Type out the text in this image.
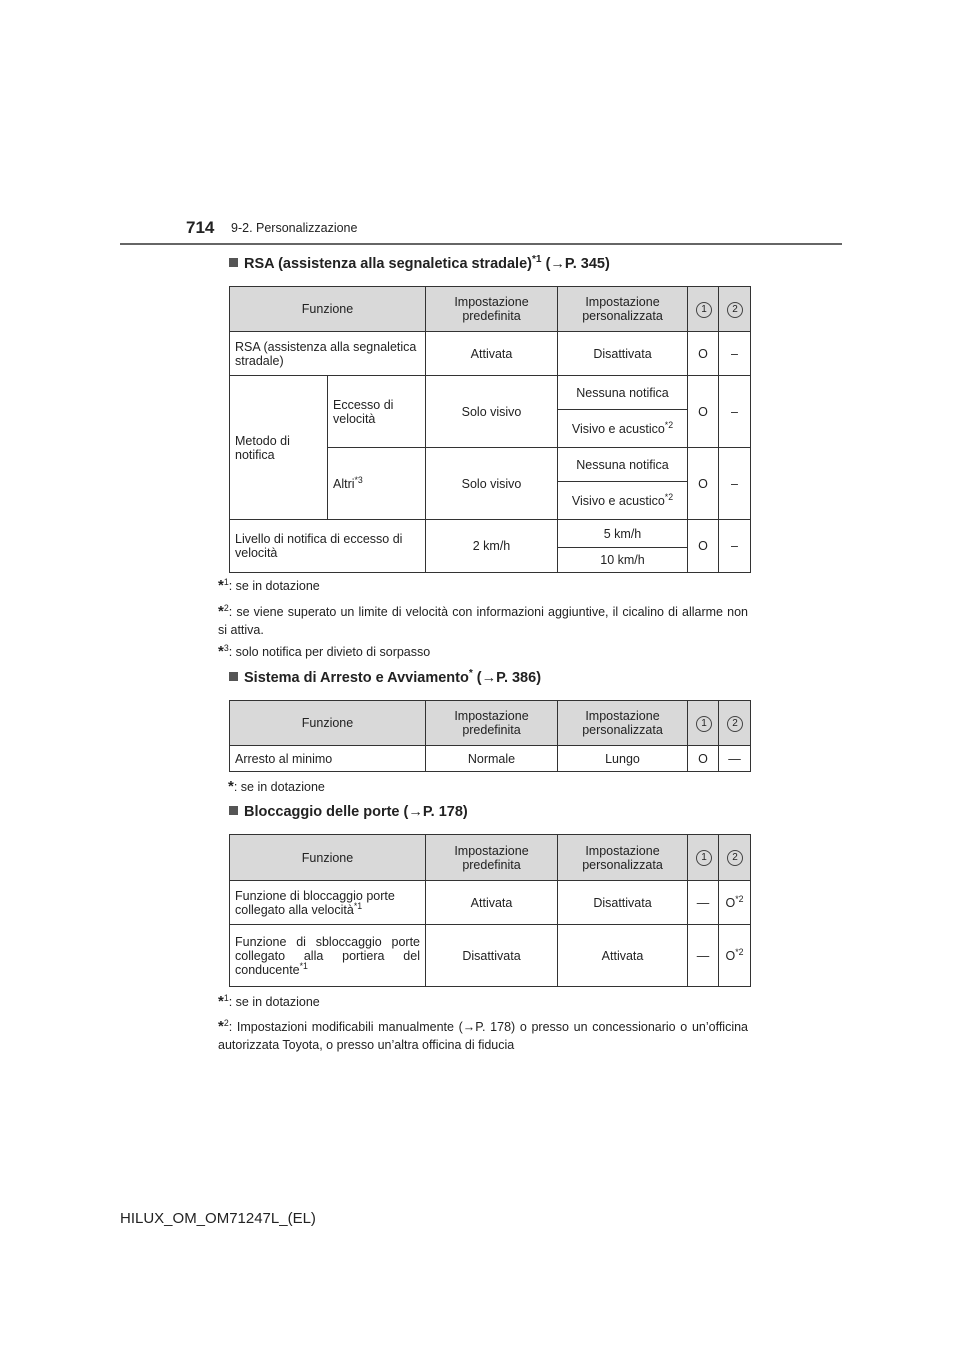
714 9-2. Personalizzazione
RSA (assistenza alla segnaletica stradale)$^{*1}$ (→P. 345)
Funzione		Impostazione predefinita	Impostazione personalizzata	1	2
RSA (assistenza alla segnaletica stradale)		Attivata	Disattivata	O	–
Metodo di notifica	Eccesso di velocità	Solo visivo	Nessuna notifica	O	–
			Visivo e acustico$^{*2}$
	Altri$^{*3}$	Solo visivo	Nessuna notifica	O	–
			Visivo e acustico$^{*2}$
Livello di notifica di eccesso di velocità		2 km/h	5 km/h	O	–
			10 km/h		
*$^1$: se in dotazione
*$^2$: se viene superato un limite di velocità con informazioni aggiuntive, il cicalino di allarme non si attiva.
*$^3$: solo notifica per divieto di sorpasso
Sistema di Arresto e Avviamento* (→P. 386)
Funzione	Impostazione predefinita	Impostazione personalizzata	1	2
Arresto al minimo	Normale	Lungo	O	—
*: se in dotazione
Bloccaggio delle porte (→P. 178)
Funzione	Impostazione predefinita	Impostazione personalizzata	1	2
Funzione di bloccaggio porte collegato alla velocità$^{*1}$	Attivata	Disattivata	—	$O^{*2}$
Funzione di sbloccaggio porte collegato alla portiera del conducente$^{*1}$	Disattivata	Attivata	—	$O^{*2}$
*$^1$: se in dotazione
*$^2$: Impostazioni modificabili manualmente (→P. 178) o presso un concessionario o un’officina autorizzata Toyota, o presso un’altra officina di fiducia
HILUX_OM_OM71247L_(EL)
